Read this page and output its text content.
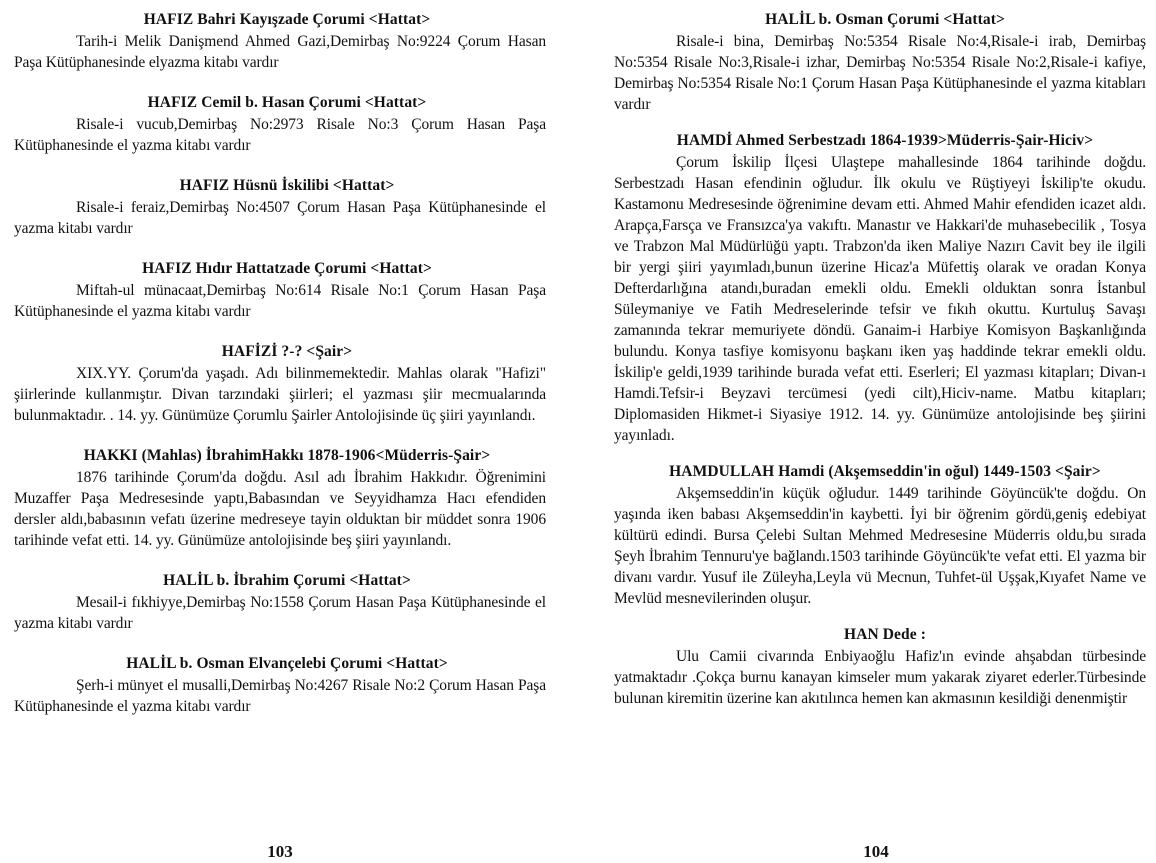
HAFIZ Bahri Kayışzade Çorumi <Hattat>

Tarih-i Melik Danişmend Ahmed Gazi,Demirbaş No:9224 Çorum Hasan Paşa Kütüphanesinde elyazma kitabı vardır

HAFIZ Cemil b. Hasan Çorumi <Hattat>

Risale-i vucub,Demirbaş No:2973 Risale No:3 Çorum Hasan Paşa Kütüphanesinde el yazma kitabı vardır

HAFIZ Hüsnü İskilibi <Hattat>

Risale-i feraiz,Demirbaş No:4507 Çorum Hasan Paşa Kütüphanesinde el yazma kitabı vardır

HAFIZ Hıdır Hattatzade Çorumi <Hattat>

Miftah-ul münacaat,Demirbaş No:614 Risale No:1 Çorum Hasan Paşa Kütüphanesinde el yazma kitabı vardır

HAFİZİ ?-? <Şair>

XIX.YY. Çorum'da yaşadı. Adı bilinmemektedir. Mahlas olarak "Hafizi" şiirlerinde kullanmıştır. Divan tarzındaki şiirleri; el yazması şiir mecmualarında bulunmaktadır. . 14. yy. Günümüze Çorumlu Şairler Antolojisinde üç şiiri yayınlandı.

HAKKI (Mahlas) İbrahimHakkı 1878-1906<Müderris-Şair>

1876 tarihinde Çorum'da doğdu. Asıl adı İbrahim Hakkıdır. Öğrenimini Muzaffer Paşa Medresesinde yaptı,Babasından ve Seyyidhamza Hacı efendiden dersler aldı,babasının vefatı üzerine medreseye tayin olduktan bir müddet sonra 1906 tarihinde vefat etti. 14. yy. Günümüze antolojisinde beş şiiri yayınlandı.

HALİL b. İbrahim Çorumi <Hattat>

Mesail-i fıkhiyye,Demirbaş No:1558 Çorum Hasan Paşa Kütüphanesinde el yazma kitabı vardır

HALİL b. Osman Elvançelebi Çorumi <Hattat>

Şerh-i münyet el musalli,Demirbaş No:4267 Risale No:2 Çorum Hasan Paşa Kütüphanesinde el yazma kitabı vardır

103
HALİL b. Osman Çorumi <Hattat>

Risale-i bina, Demirbaş No:5354 Risale No:4,Risale-i irab, Demirbaş No:5354 Risale No:3,Risale-i izhar, Demirbaş No:5354 Risale No:2,Risale-i kafiye, Demirbaş No:5354 Risale No:1 Çorum Hasan Paşa Kütüphanesinde el yazma kitabları vardır

HAMDİ Ahmed Serbestzadı 1864-1939>Müderris-Şair-Hiciv>

Çorum İskilip İlçesi Ulaştepe mahallesinde 1864 tarihinde doğdu. Serbestzadı Hasan efendinin oğludur. İlk okulu ve Rüştiyeyi İskilip'te okudu. Kastamonu Medresesinde öğrenimine devam etti. Ahmed Mahir efendiden icazet aldı. Arapça,Farsça ve Fransızca'ya vakıftı. Manastır ve Hakkari'de muhasebecilik , Tosya ve Trabzon Mal Müdürlüğü yaptı. Trabzon'da iken Maliye Nazırı Cavit bey ile ilgili bir yergi şiiri yayımladı,bunun üzerine Hicaz'a Müfettiş olarak ve oradan Konya Defterdarlığına atandı,buradan emekli oldu. Emekli olduktan sonra İstanbul Süleymaniye ve Fatih Medreselerinde tefsir ve fıkıh okuttu. Kurtuluş Savaşı zamanında tekrar memuriyete döndü. Ganaim-i Harbiye Komisyon Başkanlığında bulundu. Konya tasfiye komisyonu başkanı iken yaş haddinde tekrar emekli oldu. İskilip'e geldi,1939 tarihinde burada vefat etti. Eserleri; El yazması kitapları; Divan-ı Hamdi.Tefsir-i Beyzavi tercümesi (yedi cilt),Hiciv-name. Matbu kitapları; Diplomasiden Hikmet-i Siyasiye 1912. 14. yy. Günümüze antolojisinde beş şiirini yayınladı.

HAMDULLAH Hamdi (Akşemseddin'in oğul) 1449-1503 <Şair>

Akşemseddin'in küçük oğludur. 1449 tarihinde Göyüncük'te doğdu. On yaşında iken babası Akşemseddin'in kaybetti. İyi bir öğrenim gördü,geniş edebiyat kültürü edindi. Bursa Çelebi Sultan Mehmed Medresesine Müderris oldu,bu sırada Şeyh İbrahim Tennuru'ye bağlandı.1503 tarihinde Göyüncük'te vefat etti. El yazma bir divanı vardır. Yusuf ile Züleyha,Leyla vü Mecnun, Tuhfet-ül Uşşak,Kıyafet Name ve Mevlüd mesnevilerinden oluşur.

HAN Dede :

Ulu Camii civarında Enbiyaoğlu Hafiz'ın evinde ahşabdan türbesinde yatmaktadır .Çokça burnu kanayan kimseler mum yakarak ziyaret ederler.Türbesinde bulunan kiremitin üzerine kan akıtılınca hemen kan akmasının kesildiği denenmiştir

104
